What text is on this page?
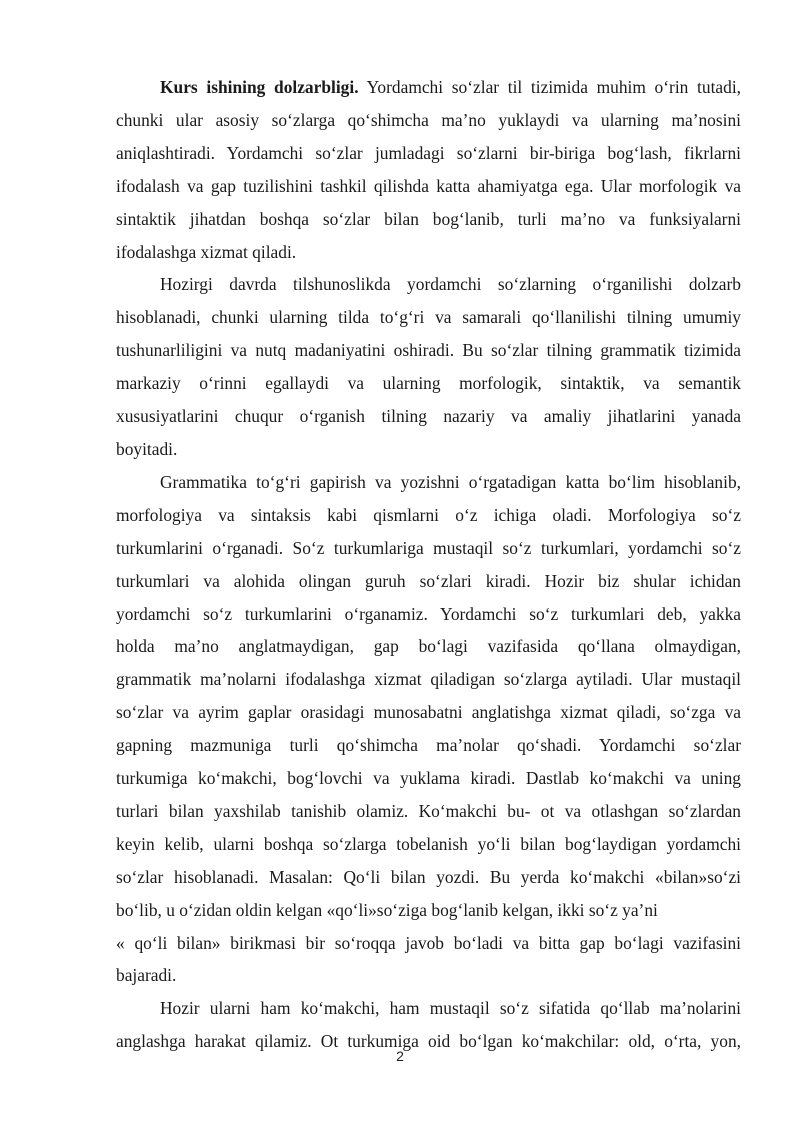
Kurs ishining dolzarbligi. Yordamchi so‘zlar til tizimida muhim o‘rin tutadi,
chunki ular asosiy so‘zlarga qo‘shimcha ma’no yuklaydi va ularning ma’nosini
aniqlashtiradi. Yordamchi so‘zlar jumladagi so‘zlarni bir-biriga bog‘lash, fikrlarni
ifodalash va gap tuzilishini tashkil qilishda katta ahamiyatga ega. Ular morfologik va
sintaktik jihatdan boshqa so‘zlar bilan bog‘lanib, turli ma’no va funksiyalarni
ifodalashga xizmat qiladi.
Hozirgi davrda tilshunoslikda yordamchi so‘zlarning o‘rganilishi dolzarb
hisoblanadi, chunki ularning tilda to‘g‘ri va samarali qo‘llanilishi tilning umumiy
tushunarliligini va nutq madaniyatini oshiradi. Bu so‘zlar tilning grammatik tizimida
markaziy o‘rinni egallaydi va ularning morfologik, sintaktik, va semantik
xususiyatlarini chuqur o‘rganish tilning nazariy va amaliy jihatlarini yanada
boyitadi.
Grammatika to‘g‘ri gapirish va yozishni o‘rgatadigan katta bo‘lim hisoblanib,
morfologiya va sintaksis kabi qismlarni o‘z ichiga oladi. Morfologiya so‘z
turkumlarini o‘rganadi. So‘z turkumlariga mustaqil so‘z turkumlari, yordamchi so‘z
turkumlari va alohida olingan guruh so‘zlari kiradi. Hozir biz shular ichidan
yordamchi so‘z turkumlarini o‘rganamiz. Yordamchi so‘z turkumlari deb, yakka
holda ma’no anglatmaydigan, gap bo‘lagi vazifasida qo‘llana olmaydigan,
grammatik ma’nolarni ifodalashga xizmat qiladigan so‘zlarga aytiladi. Ular mustaqil
so‘zlar va ayrim gaplar orasidagi munosabatni anglatishga xizmat qiladi, so‘zga va
gapning mazmuniga turli qo‘shimcha ma’nolar qo‘shadi. Yordamchi so‘zlar
turkumiga ko‘makchi, bog‘lovchi va yuklama kiradi. Dastlab ko‘makchi va uning
turlari bilan yaxshilab tanishib olamiz. Ko‘makchi bu- ot va otlashgan so‘zlardan
keyin kelib, ularni boshqa so‘zlarga tobelanish yo‘li bilan bog‘laydigan yordamchi
so‘zlar hisoblanadi. Masalan: Qo‘li bilan yozdi. Bu yerda ko‘makchi «bilan»so‘zi
bo‘lib, u o‘zidan oldin kelgan «qo‘li»so‘ziga bog‘lanib kelgan, ikki so‘z ya’ni
« qo‘li bilan» birikmasi bir so‘roqqa javob bo‘ladi va bitta gap bo‘lagi vazifasini
bajaradi.
Hozir ularni ham ko‘makchi, ham mustaqil so‘z sifatida qo‘llab ma’nolarini
anglashga harakat qilamiz. Ot turkumiga oid bo‘lgan ko‘makchilar: old, o‘rta, yon,
2
